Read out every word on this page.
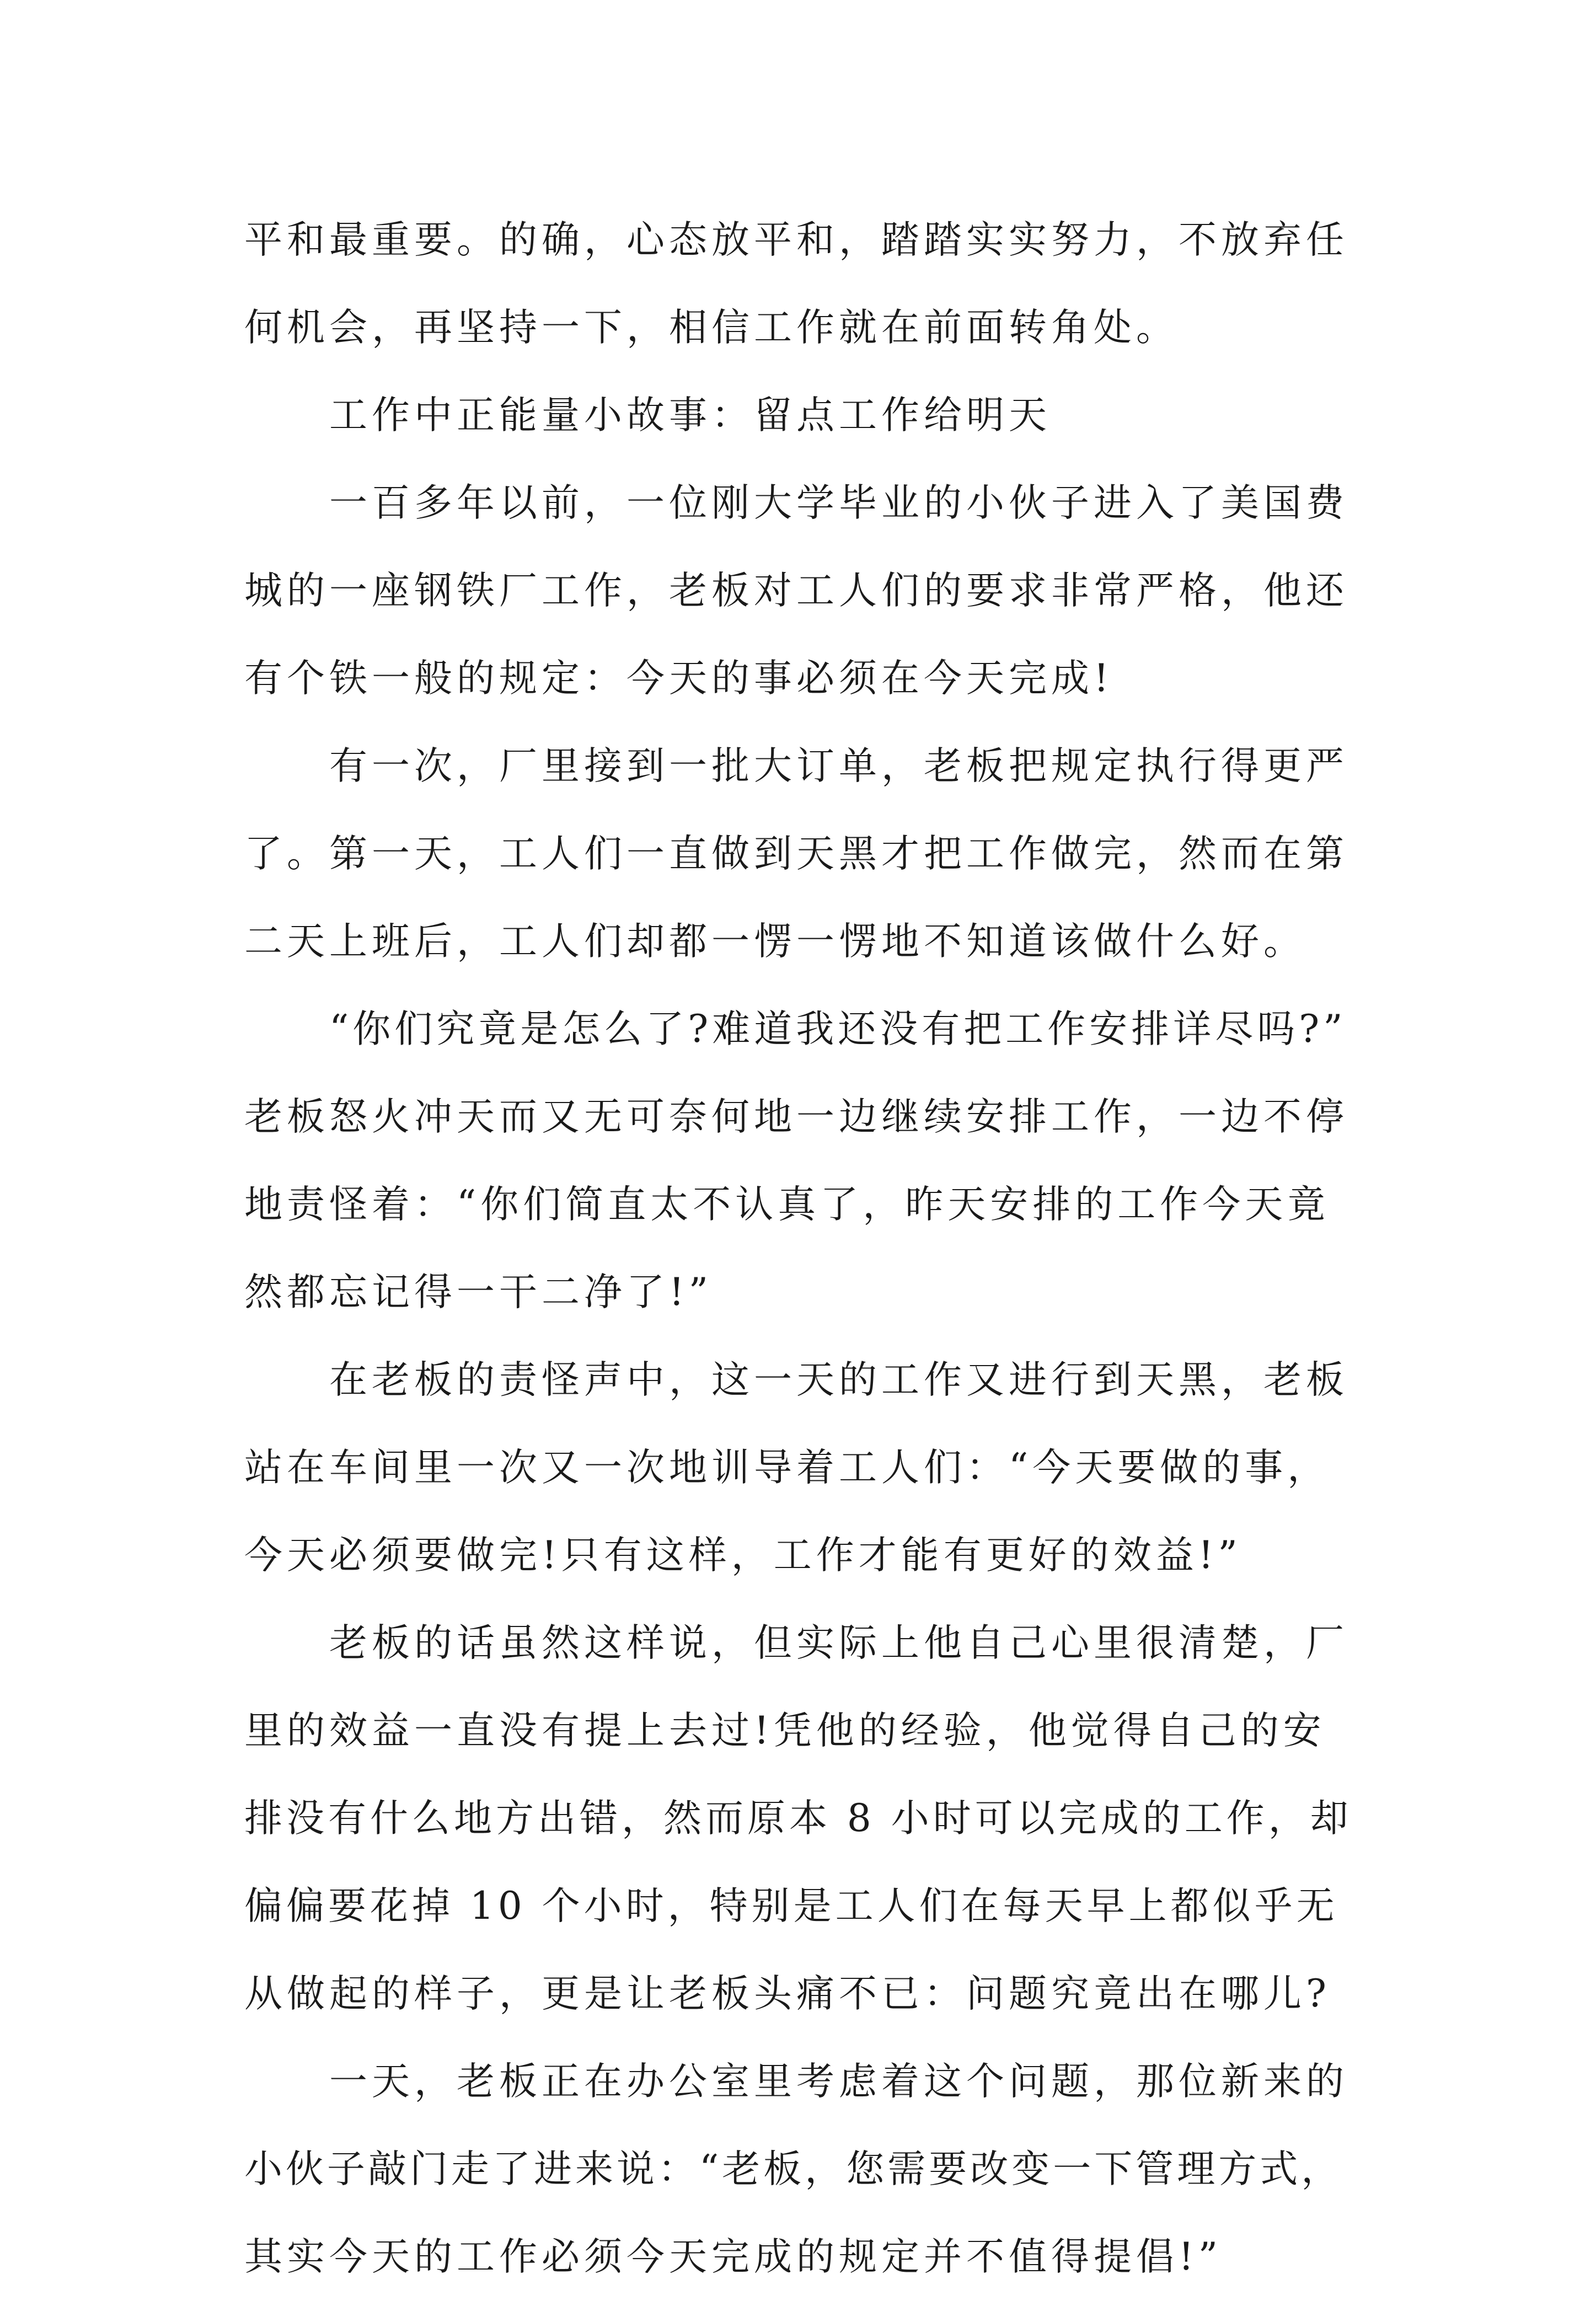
平和最重要。的确，心态放平和，踏踏实实努力，不放弃任
何机会，再坚持一下，相信工作就在前面转角处。
工作中正能量小故事：留点工作给明天
一百多年以前，一位刚大学毕业的小伙子进入了美国费
城的一座钢铁厂工作，老板对工人们的要求非常严格，他还
有个铁一般的规定：今天的事必须在今天完成!
有一次，厂里接到一批大订单，老板把规定执行得更严
了。第一天，工人们一直做到天黑才把工作做完，然而在第
二天上班后，工人们却都一愣一愣地不知道该做什么好。
“你们究竟是怎么了?难道我还没有把工作安排详尽吗?”
老板怒火冲天而又无可奈何地一边继续安排工作，一边不停
地责怪着：“你们简直太不认真了，昨天安排的工作今天竟
然都忘记得一干二净了!”
在老板的责怪声中，这一天的工作又进行到天黑，老板
站在车间里一次又一次地训导着工人们：“今天要做的事，
今天必须要做完!只有这样，工作才能有更好的效益!”
老板的话虽然这样说，但实际上他自己心里很清楚，厂
里的效益一直没有提上去过!凭他的经验，他觉得自己的安
排没有什么地方出错，然而原本 8 小时可以完成的工作，却
偏偏要花掉 10 个小时，特别是工人们在每天早上都似乎无
从做起的样子，更是让老板头痛不已：问题究竟出在哪儿?
一天，老板正在办公室里考虑着这个问题，那位新来的
小伙子敲门走了进来说：“老板，您需要改变一下管理方式，
其实今天的工作必须今天完成的规定并不值得提倡!”
